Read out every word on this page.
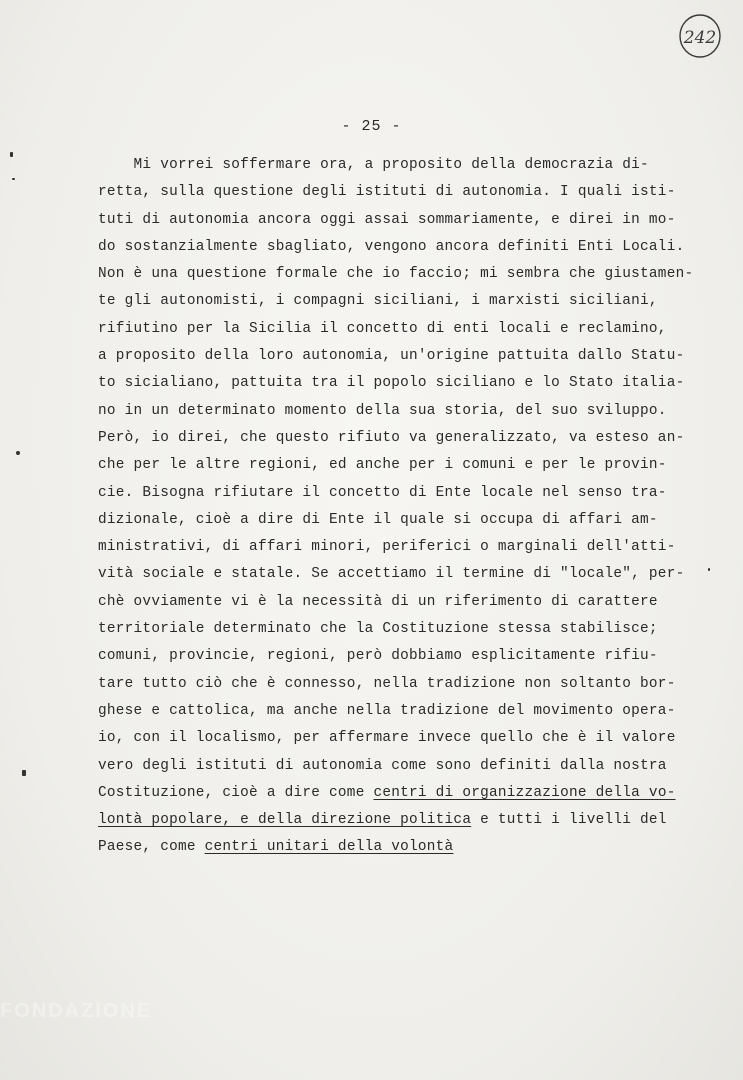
242
- 25 -
Mi vorrei soffermare ora, a proposito della democrazia di-
retta, sulla questione degli istituti di autonomia. I quali isti-
tuti di autonomia ancora oggi assai sommariamente, e direi in mo-
do sostanzialmente sbagliato, vengono ancora definiti Enti Locali.
Non è una questione formale che io faccio; mi sembra che giustamen-
te gli autonomisti, i compagni siciliani, i marxisti siciliani,
rifiutino per la Sicilia il concetto di enti locali e reclamino,
a proposito della loro autonomia, un'origine pattuita dallo Statu-
to sicialiano, pattuita tra il popolo siciliano e lo Stato italia-
no in un determinato momento della sua storia, del suo sviluppo.
Però, io direi, che questo rifiuto va generalizzato, va esteso an-
che per le altre regioni, ed anche per i comuni e per le provin-
cie. Bisogna rifiutare il concetto di Ente locale nel senso tra-
dizionale, cioè a dire di Ente il quale si occupa di affari am-
ministrativi, di affari minori, periferici o marginali dell'atti-
vità sociale e statale. Se accettiamo il termine di "locale", per-
chè ovviamente vi è la necessità di un riferimento di carattere
territoriale determinato che la Costituzione stessa stabilisce;
comuni, provincie, regioni, però dobbiamo esplicitamente rifiu-
tare tutto ciò che è connesso, nella tradizione non soltanto bor-
ghese e cattolica, ma anche nella tradizione del movimento opera-
io, con il localismo, per affermare invece quello che è il valore
vero degli istituti di autonomia come sono definiti dalla nostra
Costituzione, cioè a dire come centri di organizzazione della vo-
lontà popolare, e della direzione politica e tutti i livelli del
Paese, come centri unitari della volontà
FONDAZIONE
